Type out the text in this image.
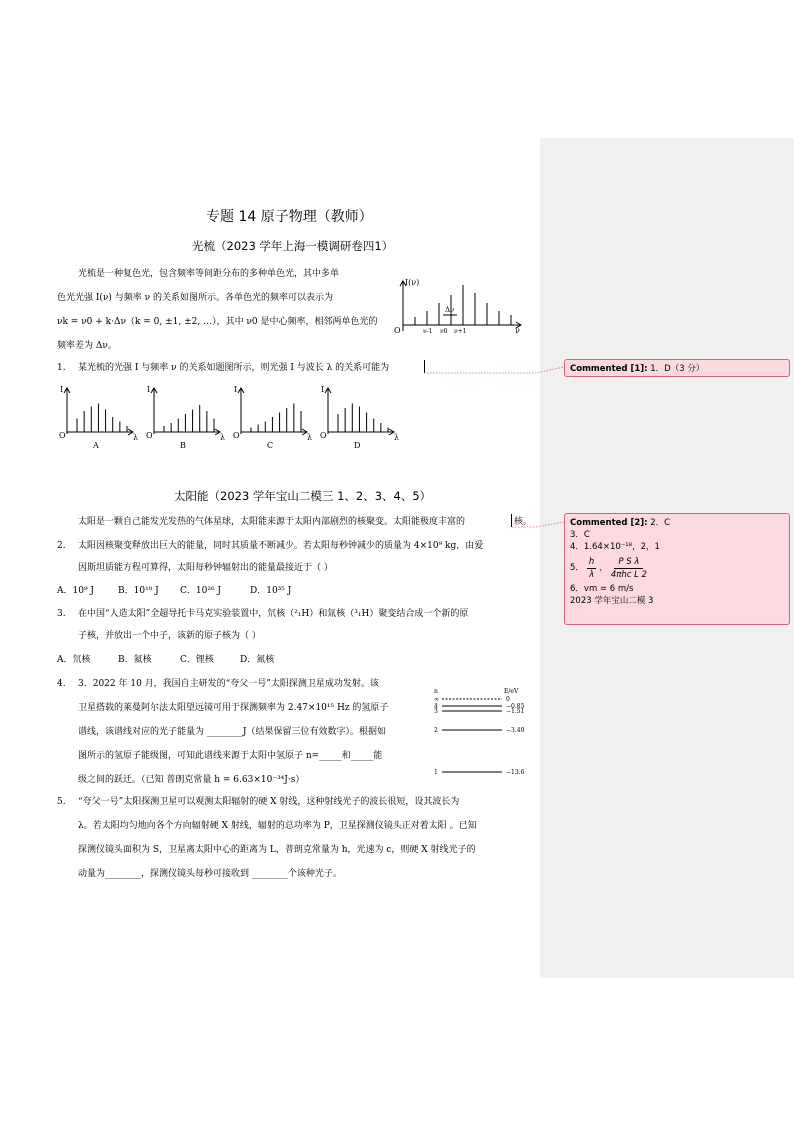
专题 14 原子物理（教师）
光梳（2023 学年上海一模调研卷四1）
光梳是一种复色光，包含频率等间距分布的多种单色光，其中多单
色光光强 I(ν) 与频率 ν 的关系如图所示。各单色光的频率可以表示为
νk = ν0 + k·Δν（k = 0, ±1, ±2, …），其中 ν0 是中心频率，相邻两单色光的
频率差为 Δν。
I(ν)
ν
O	ν-1 ν0 ν+1
Δν
1. 某光梳的光强 I 与频率 ν 的关系如题图所示，则光强 I 与波长 λ 的关系可能为
I
λ
O
A
I
λ
O
B
I
λ
O
C
I
λ
O
D
太阳能（2023 学年宝山二模三 1、2、3、4、5）
太阳是一颗自己能发光发热的气体星球，太阳能来源于太阳内部剧烈的核聚变。太阳能极度丰富的	核。
2. 太阳因核聚变释放出巨大的能量，同时其质量不断减少。若太阳每秒钟减少的质量为 4×10⁹ kg，由爱
因斯坦质能方程可算得，太阳每秒钟辐射出的能量最接近于（ ）
A．10⁹ J	B．10¹⁸ J C．10²⁶ J	D．10³⁵ J
3. 在中国“人造太阳”全超导托卡马克实验装置中，氘核（²₁H）和氚核（³₁H）聚变结合成一个新的原
子核，并放出一个中子，该新的原子核为（ ）
A．氘核	B．氦核	C．锂核	D．氮核
4. 3．2022 年 10 月，我国自主研发的“夸父一号”太阳探测卫星成功发射。该
卫星搭载的莱曼阿尔法太阳望远镜可用于探测频率为 2.47×10¹⁵ Hz 的氢原子
谱线，该谱线对应的光子能量为 ________J（结果保留三位有效数字）。根据如
图所示的氢原子能级图，可知此谱线来源于太阳中氢原子 n=_____和_____能
级之间的跃迁。（已知 普朗克常量 h = 6.63×10⁻³⁴J·s）
n	E/eV
∞	0
4	−0.85
3	−1.51
2	−3.40
1	−13.6
5. “夸父一号”太阳探测卫星可以观测太阳辐射的硬 X 射线，这种射线光子的波长很短，设其波长为
λ。若太阳均匀地向各个方向辐射硬 X 射线，辐射的总功率为 P，卫星探测仪镜头正对着太阳 。已知
探测仪镜头面积为 S，卫星离太阳中心的距离为 L，普朗克常量为 h，光速为 c，则硬 X 射线光子的
动量为________，探测仪镜头每秒可接收到 ________个该种光子。
Commented [1]: 1．D（3 分）
Commented [2]: 2．C
3．C
4．1.64×10⁻¹⁸，2，1
5． $\frac{h}{\lambda}$ ，
P S λ
4πhc L 2
6．vm = 6 m/s
2023 学年宝山二模 3
